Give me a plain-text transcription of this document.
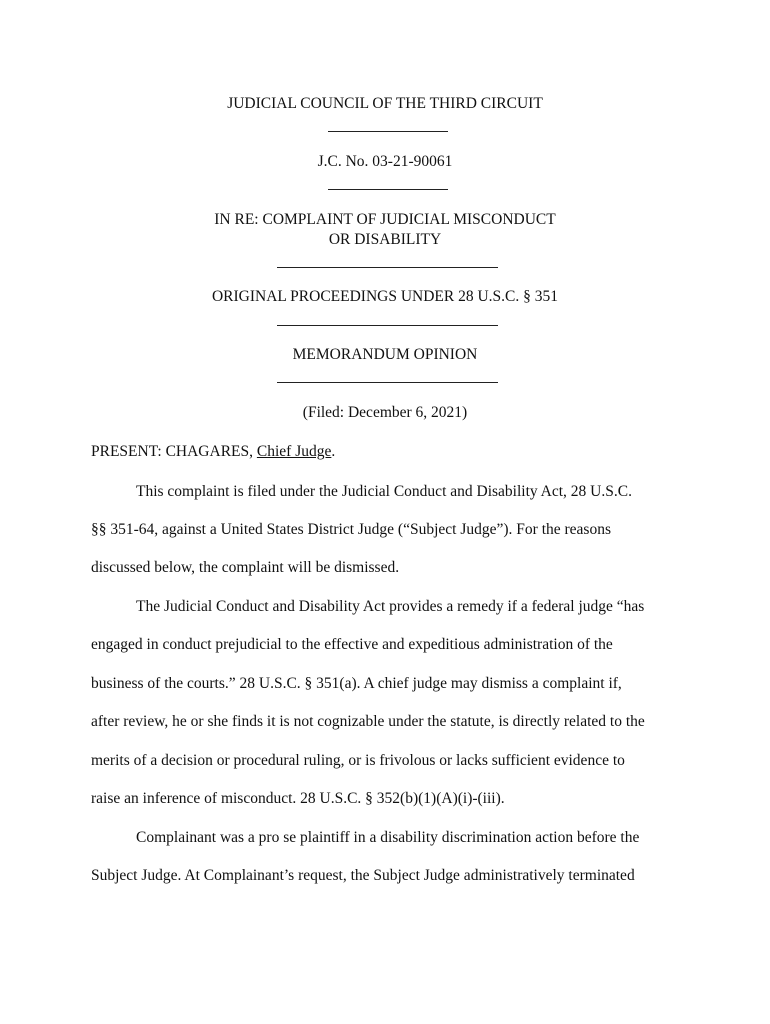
JUDICIAL COUNCIL OF THE THIRD CIRCUIT
J.C. No. 03-21-90061
IN RE: COMPLAINT OF JUDICIAL MISCONDUCT
OR DISABILITY
ORIGINAL PROCEEDINGS UNDER 28 U.S.C. § 351
MEMORANDUM OPINION
(Filed: December 6, 2021)
PRESENT: CHAGARES, Chief Judge.
This complaint is filed under the Judicial Conduct and Disability Act, 28 U.S.C.
§§ 351-64, against a United States District Judge (“Subject Judge”). For the reasons
discussed below, the complaint will be dismissed.
The Judicial Conduct and Disability Act provides a remedy if a federal judge “has
engaged in conduct prejudicial to the effective and expeditious administration of the
business of the courts.” 28 U.S.C. § 351(a). A chief judge may dismiss a complaint if,
after review, he or she finds it is not cognizable under the statute, is directly related to the
merits of a decision or procedural ruling, or is frivolous or lacks sufficient evidence to
raise an inference of misconduct. 28 U.S.C. § 352(b)(1)(A)(i)-(iii).
Complainant was a pro se plaintiff in a disability discrimination action before the
Subject Judge. At Complainant’s request, the Subject Judge administratively terminated
